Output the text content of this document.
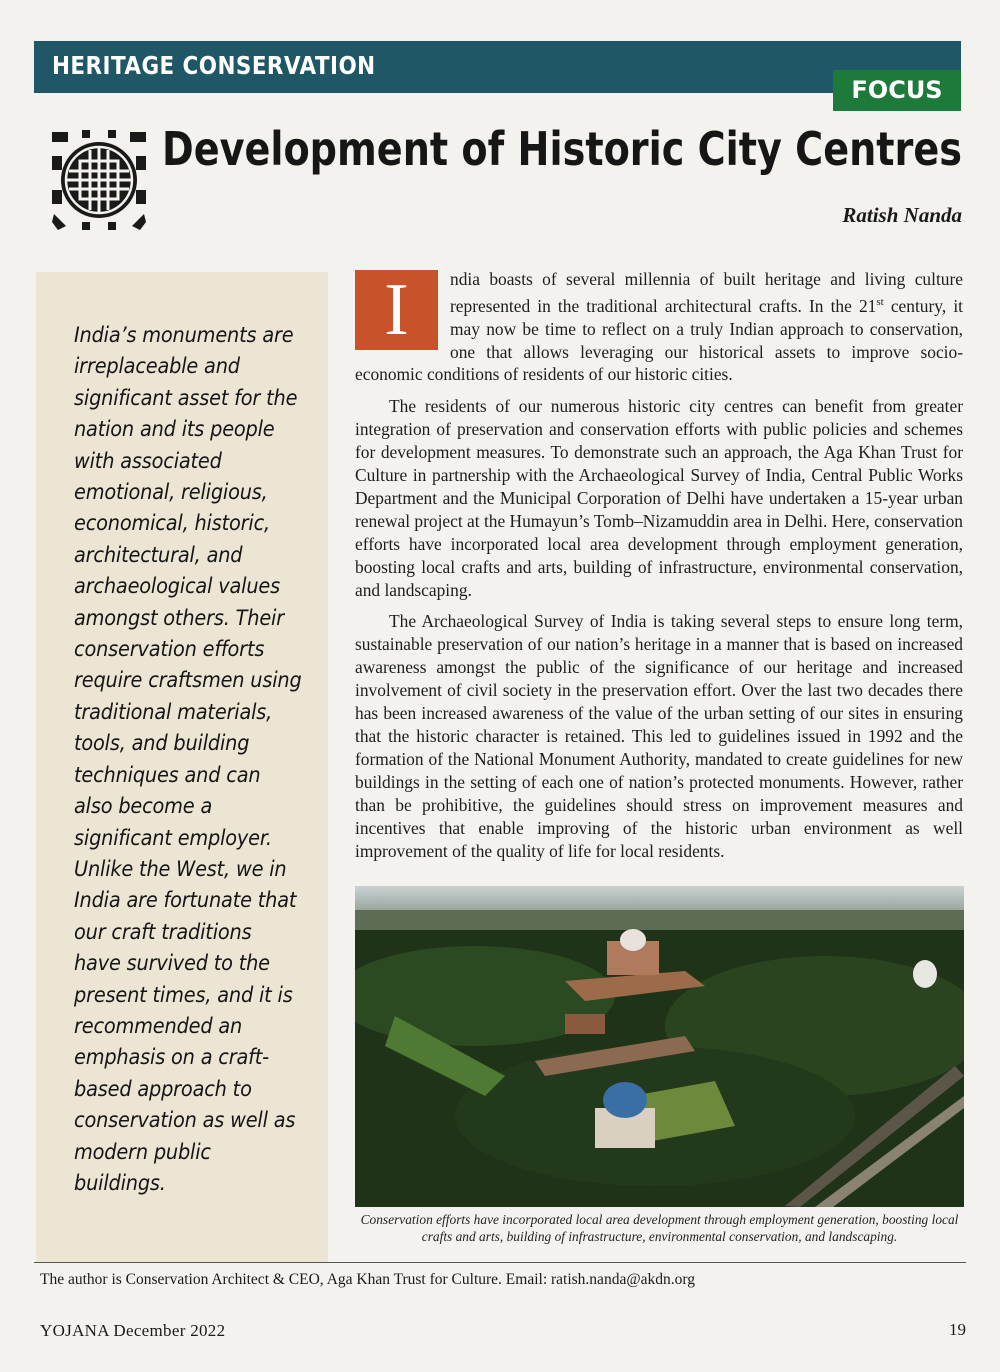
HERITAGE CONSERVATION
FOCUS
Development of Historic City Centres
Ratish Nanda

India’s monuments are irreplaceable and significant asset for the nation and its people with associated emotional, religious, economical, historic, architectural, and archaeological values amongst others. Their conservation efforts require craftsmen using traditional materials, tools, and building techniques and can also become a significant employer. Unlike the West, we in India are fortunate that our craft traditions have survived to the present times, and it is recommended an emphasis on a craft-based approach to conservation as well as modern public buildings.

I	ndia boasts of several millennia of built heritage and living culture represented in the traditional architectural crafts. In the 21st century, it may now be time to reflect on a truly Indian approach to conservation, one that allows leveraging our historical assets to improve socio-economic conditions of residents of our historic cities.

The residents of our numerous historic city centres can benefit from greater integration of preservation and conservation efforts with public policies and schemes for development measures. To demonstrate such an approach, the Aga Khan Trust for Culture in partnership with the Archaeological Survey of India, Central Public Works Department and the Municipal Corporation of Delhi have undertaken a 15-year urban renewal project at the Humayun’s Tomb–Nizamuddin area in Delhi. Here, conservation efforts have incorporated local area development through employment generation, boosting local crafts and arts, building of infrastructure, environmental conservation, and landscaping.

The Archaeological Survey of India is taking several steps to ensure long term, sustainable preservation of our nation’s heritage in a manner that is based on increased awareness amongst the public of the significance of our heritage and increased involvement of civil society in the preservation effort. Over the last two decades there has been increased awareness of the value of the urban setting of our sites in ensuring that the historic character is retained. This led to guidelines issued in 1992 and the formation of the National Monument Authority, mandated to create guidelines for new buildings in the setting of each one of nation’s protected monuments. However, rather than be prohibitive, the guidelines should stress on improvement measures and incentives that enable improving of the historic urban environment as well improvement of the quality of life for local residents.

Conservation efforts have incorporated local area development through employment generation, boosting local crafts and arts, building of infrastructure, environmental conservation, and landscaping.
The author is Conservation Architect & CEO, Aga Khan Trust for Culture. Email: ratish.nanda@akdn.org
YOJANA December 2022	19
